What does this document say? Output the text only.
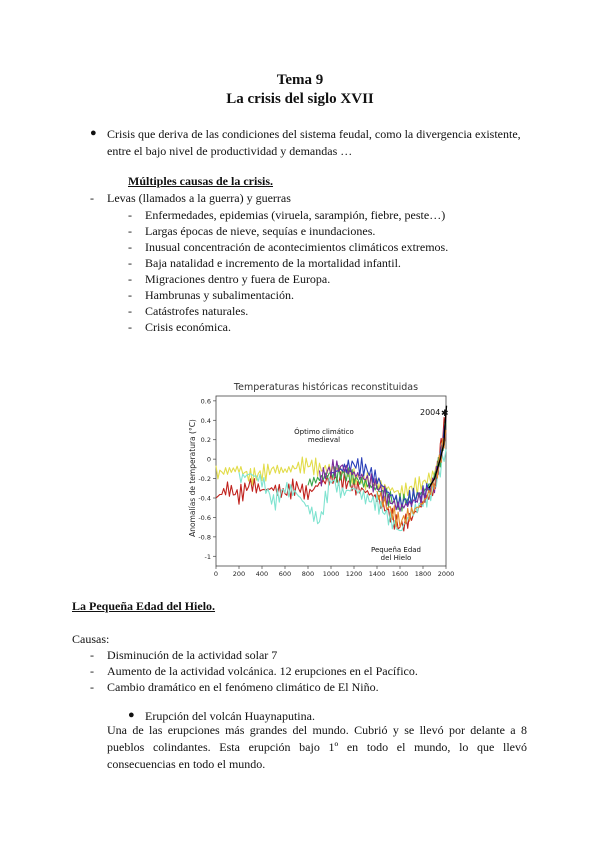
Tema 9
La crisis del siglo XVII
● Crisis que deriva de las condiciones del sistema feudal, como la divergencia existente,
entre el bajo nivel de productividad y demandas …
Múltiples causas de la crisis.
- Levas (llamados a la guerra) y guerras
- Enfermedades, epidemias (viruela, sarampión, fiebre, peste…)
- Largas épocas de nieve, sequías e inundaciones.
- Inusual concentración de acontecimientos climáticos extremos.
- Baja natalidad e incremento de la mortalidad infantil.
- Migraciones dentro y fuera de Europa.
- Hambrunas y subalimentación.
- Catástrofes naturales.
- Crisis económica.
Temperaturas históricas reconstituidas
Anomalías de temperatura (°C)
0 200 400 600 800 1000 1200 1400 1600 1800 2000
0.6
0.4
0.2
0
-0.2
-0.4
-0.6
-0.8
-1
Óptimo climático
medieval
Pequeña Edad
del Hielo
2004 ✱
La Pequeña Edad del Hielo.
Causas:
- Disminución de la actividad solar 7
- Aumento de la actividad volcánica. 12 erupciones en el Pacífico.
- Cambio dramático en el fenómeno climático de El Niño.
● Erupción del volcán Huaynaputina.
Una de las erupciones más grandes del mundo. Cubrió y se llevó por delante a 8 pueblos colindantes. Esta erupción bajo 1º en todo el mundo, lo que llevó consecuencias en todo el mundo.
